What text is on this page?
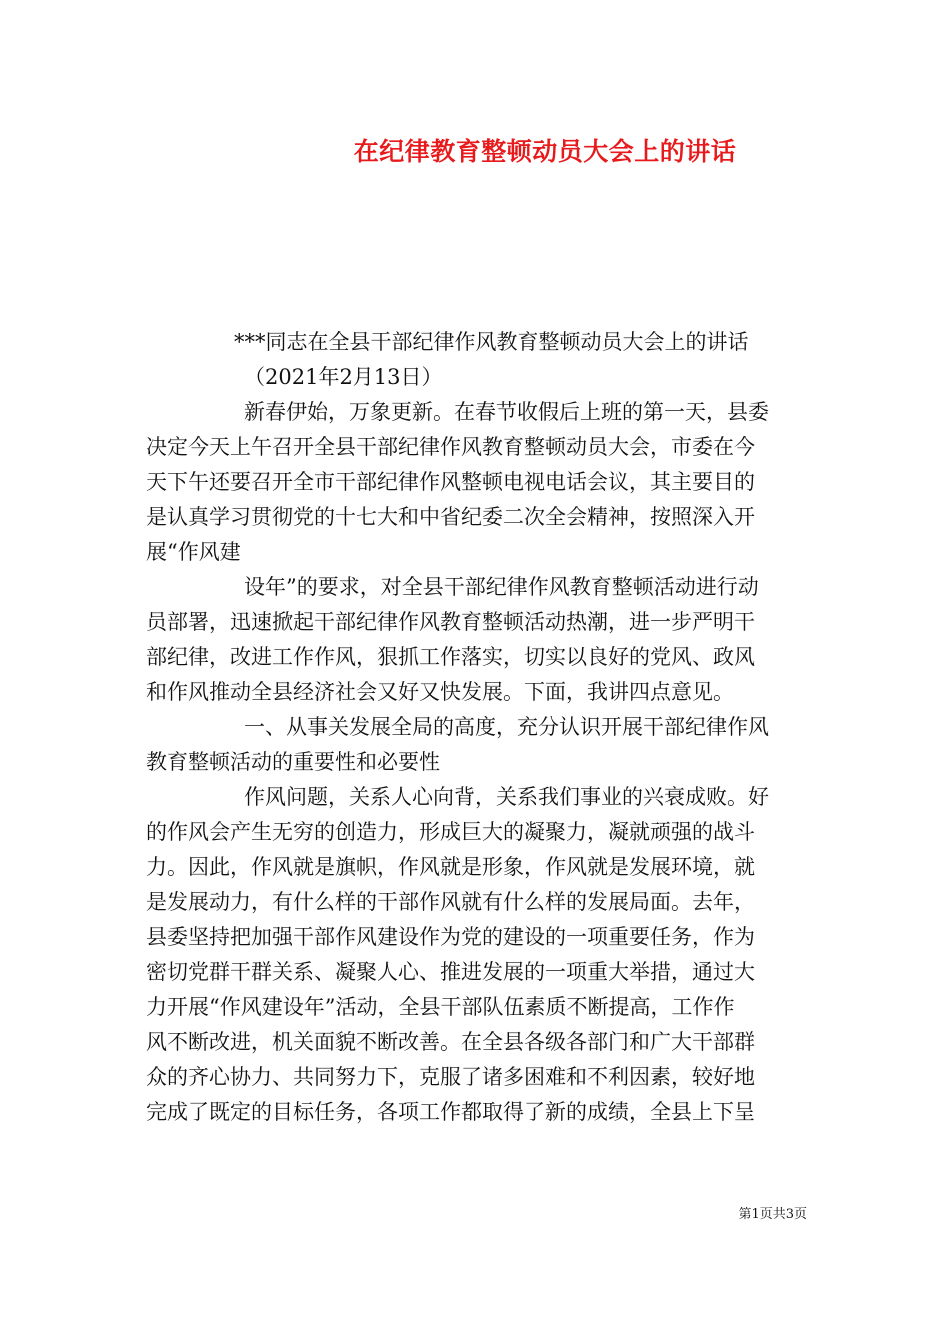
在纪律教育整顿动员大会上的讲话
***同志在全县干部纪律作风教育整顿动员大会上的讲话
（2021年2月13日）
新春伊始，万象更新。在春节收假后上班的第一天，县委
决定今天上午召开全县干部纪律作风教育整顿动员大会，市委在今
天下午还要召开全市干部纪律作风整顿电视电话会议，其主要目的
是认真学习贯彻党的十七大和中省纪委二次全会精神，按照深入开
展“作风建
设年”的要求，对全县干部纪律作风教育整顿活动进行动
员部署，迅速掀起干部纪律作风教育整顿活动热潮，进一步严明干
部纪律，改进工作作风，狠抓工作落实，切实以良好的党风、政风
和作风推动全县经济社会又好又快发展。下面，我讲四点意见。
一、从事关发展全局的高度，充分认识开展干部纪律作风
教育整顿活动的重要性和必要性
作风问题，关系人心向背，关系我们事业的兴衰成败。好
的作风会产生无穷的创造力，形成巨大的凝聚力，凝就顽强的战斗
力。因此，作风就是旗帜，作风就是形象，作风就是发展环境，就
是发展动力，有什么样的干部作风就有什么样的发展局面。去年，
县委坚持把加强干部作风建设作为党的建设的一项重要任务，作为
密切党群干群关系、凝聚人心、推进发展的一项重大举措，通过大
力开展“作风建设年”活动，全县干部队伍素质不断提高，工作作
风不断改进，机关面貌不断改善。在全县各级各部门和广大干部群
众的齐心协力、共同努力下，克服了诸多困难和不利因素，较好地
完成了既定的目标任务，各项工作都取得了新的成绩，全县上下呈
第1页共3页
